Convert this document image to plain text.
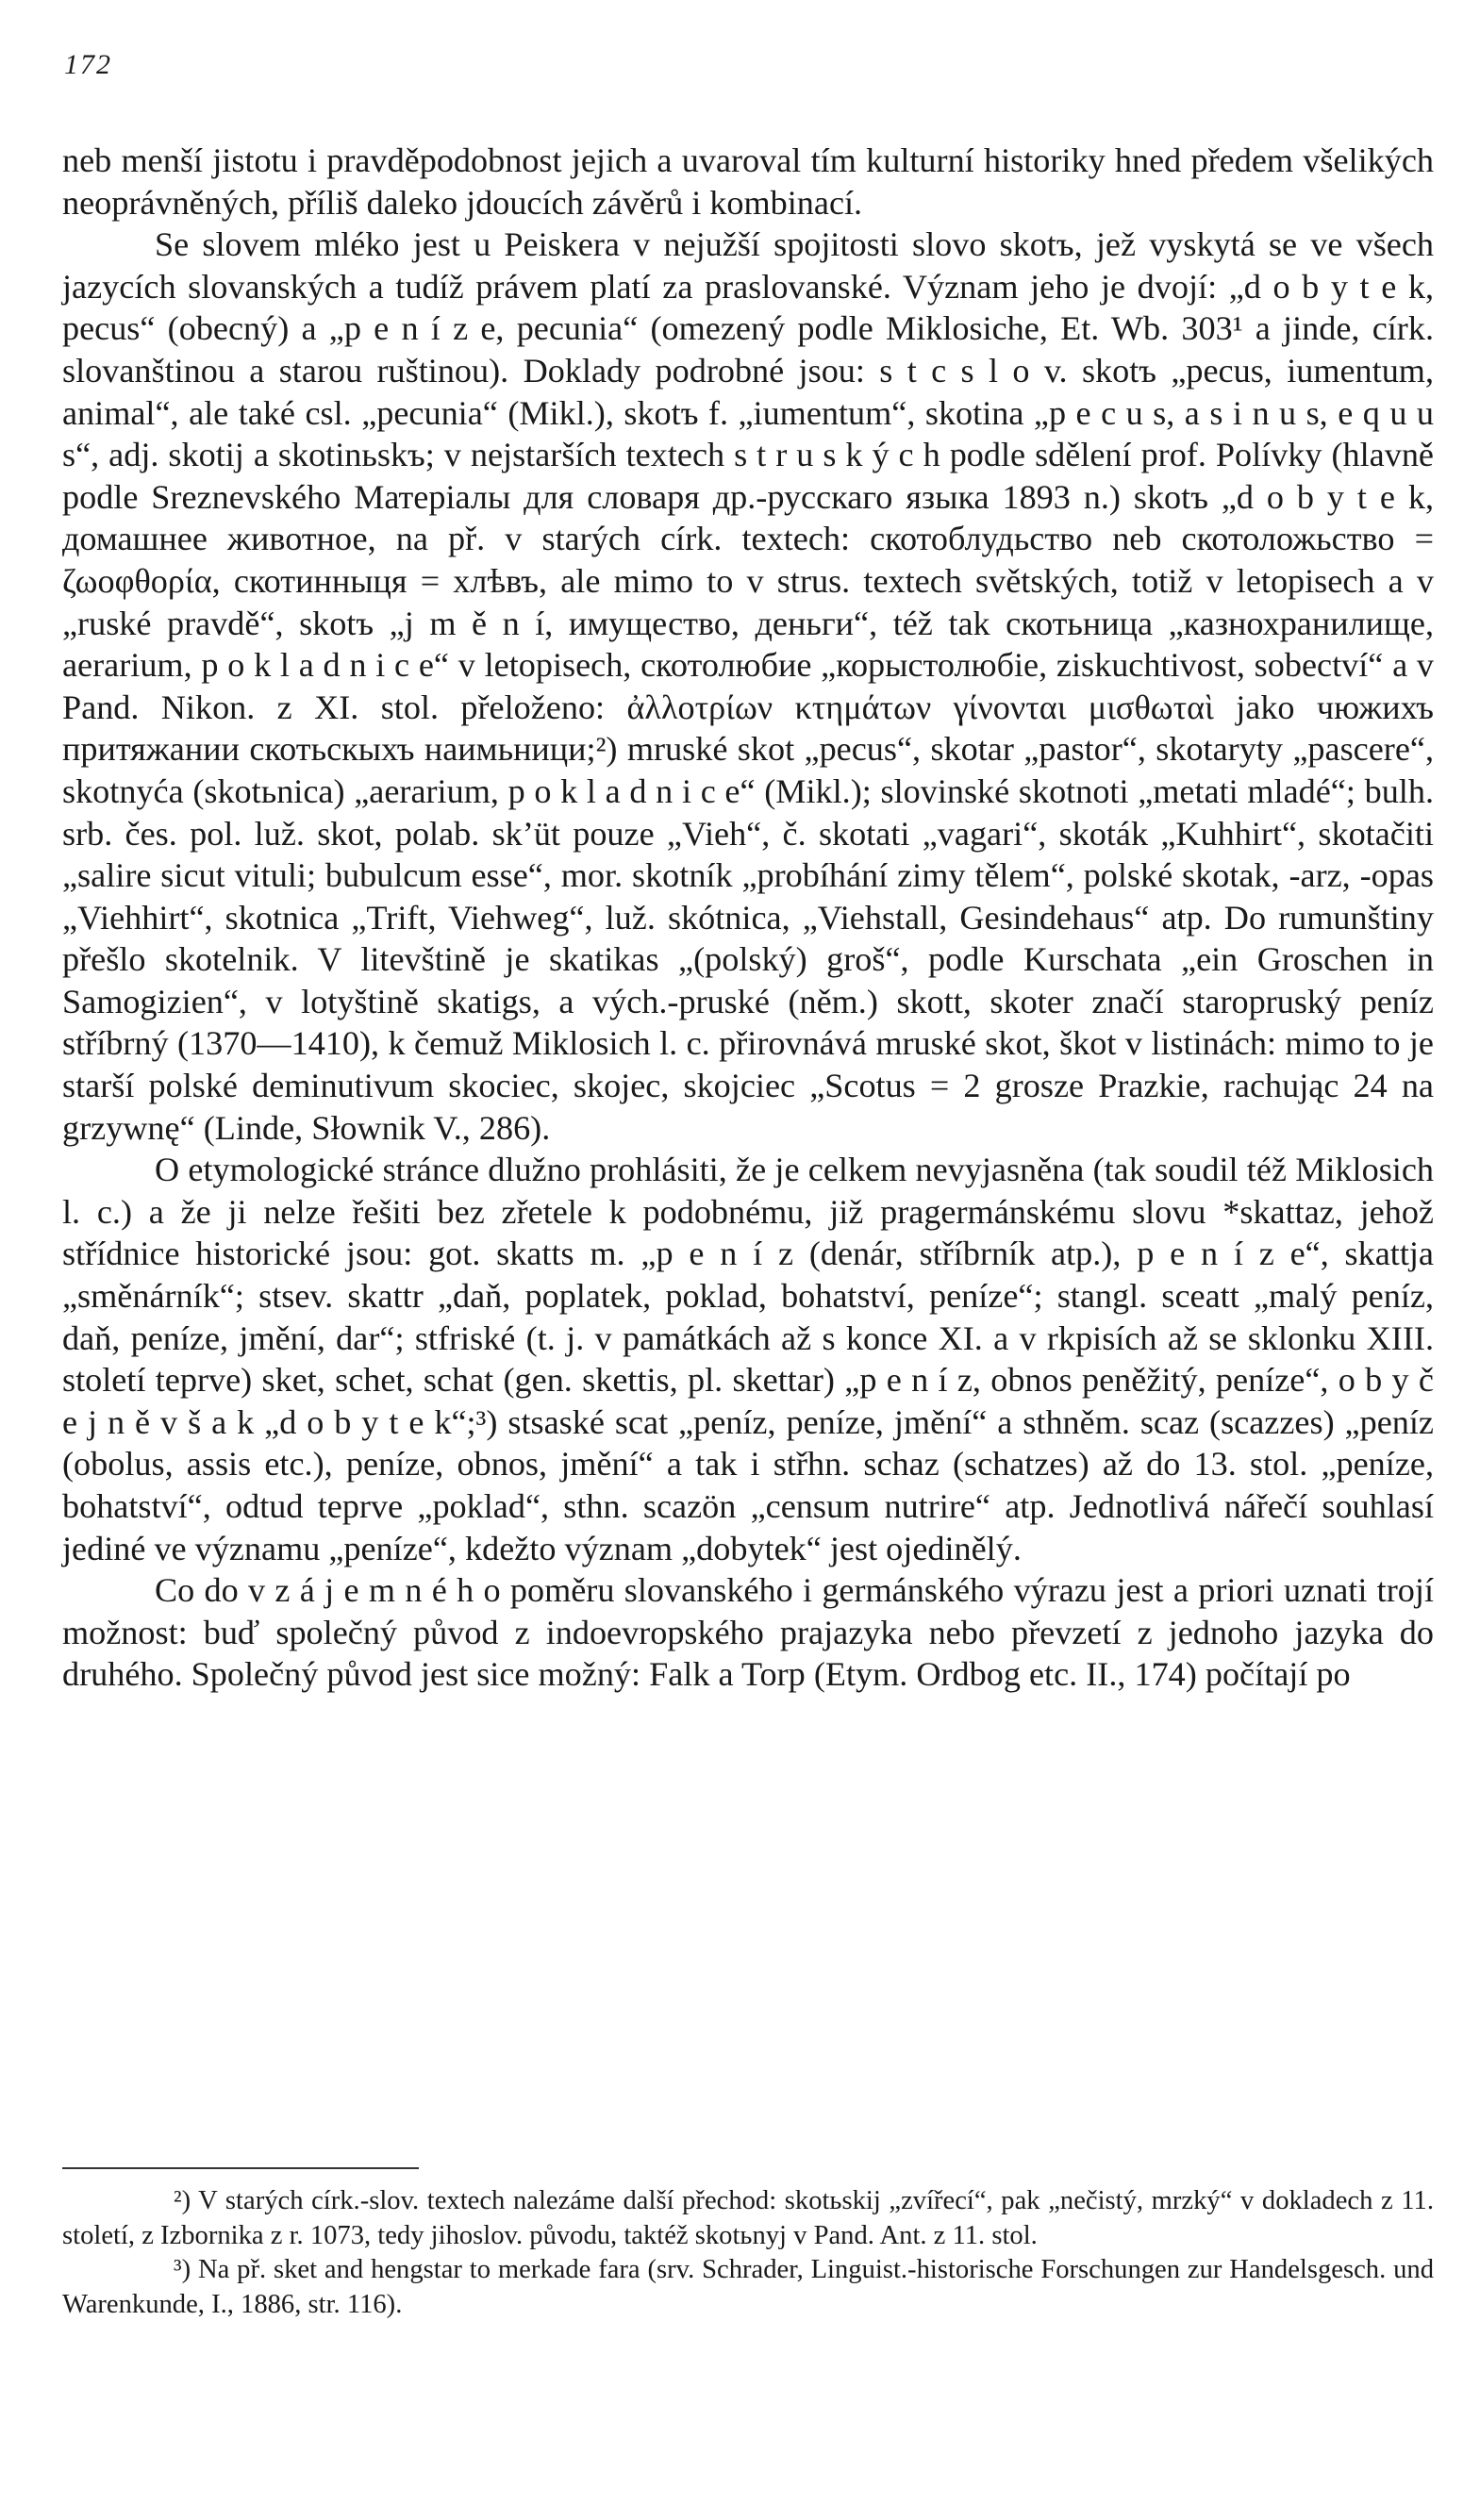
172

neb menší jistotu i pravděpodobnost jejich a uvaroval tím kulturní historiky hned předem všelikých neoprávněných, příliš daleko jdoucích závěrů i kombinací.

Se slovem mléko jest u Peiskera v nejužší spojitosti slovo skotъ, jež vyskytá se ve všech jazycích slovanských a tudíž právem platí za praslovanské. Význam jeho je dvojí: „d o b y t e k, pecus“ (obecný) a „p e n í z e, pecunia“ (omezený podle Miklosiche, Et. Wb. 303¹ a jinde, círk. slovanštinou a starou ruštinou). Doklady podrobné jsou: s t c s l o v. skotъ „pecus, iumentum, animal“, ale také csl. „pecunia“ (Mikl.), skotъ f. „iumentum“, skotina „p e c u s, a s i n u s, e q u u s“, adj. skotij a skotinьskъ; v nejstarších textech s t r u s k ý c h podle sdělení prof. Polívky (hlavně podle Sreznevského Матеріалы для словаря др.-русскаго языка 1893 n.) skotъ „d o b y t e k, домашнее животное, na př. v starých círk. textech: скотоблудьство neb скотоложьство = ζωοφθορία, скотинныця = хлѣвъ, ale mimo to v strus. textech světských, totiž v letopisech a v „ruské pravdě“, skotъ „j m ě n í, имущество, деньги“, též tak скотьница „казнохранилище, aerarium, p o k l a d n i c e“ v letopisech, скотолюбие „корыстолюбіе, ziskuchtivost, sobectví“ a v Pand. Nikon. z XI. stol. přeloženo: ἀλλοτρίων κτημάτων γίνονται μισθωταὶ jako чюжихъ притяжании скотьскыхъ наимьници;²) mruské skot „pecus“, skotar „pastor“, skotaryty „pascere“, skotnyća (skotьnica) „aerarium, p o k l a d n i c e“ (Mikl.); slovinské skotnoti „metati mladé“; bulh. srb. čes. pol. luž. skot, polab. sk’üt pouze „Vieh“, č. skotati „vagari“, skoták „Kuhhirt“, skotačiti „salire sicut vituli; bubulcum esse“, mor. skotník „probíhání zimy tělem“, polské skotak, -arz, -opas „Viehhirt“, skotnica „Trift, Viehweg“, luž. skótnica, „Viehstall, Gesindehaus“ atp. Do rumunštiny přešlo skotelnik. V litevštině je skatikas „(polský) groš“, podle Kurschata „ein Groschen in Samogizien“, v lotyštině skatigs, a vých.-pruské (něm.) skott, skoter značí staropruský peníz stříbrný (1370—1410), k čemuž Miklosich l. c. přirovnává mruské skot, škot v listinách: mimo to je starší polské deminutivum skociec, skojec, skojciec „Scotus = 2 grosze Prazkie, rachując 24 na grzywnę“ (Linde, Słownik V., 286).

O etymologické stránce dlužno prohlásiti, že je celkem nevyjasněna (tak soudil též Miklosich l. c.) a že ji nelze řešiti bez zřetele k podobnému, již pragermánskému slovu *skattaz, jehož střídnice historické jsou: got. skatts m. „p e n í z (denár, stříbrník atp.), p e n í z e“, skattja „směnárník“; stsev. skattr „daň, poplatek, poklad, bohatství, peníze“; stangl. sceatt „malý peníz, daň, peníze, jmění, dar“; stfriské (t. j. v památkách až s konce XI. a v rkpisích až se sklonku XIII. století teprve) sket, schet, schat (gen. skettis, pl. skettar) „p e n í z, obnos peněžitý, peníze“, o b y č e j n ě v š a k „d o b y t e k“;³) stsaské scat „peníz, peníze, jmění“ a sthněm. scaz (scazzes) „peníz (obolus, assis etc.), peníze, obnos, jmění“ a tak i střhn. schaz (schatzes) až do 13. stol. „peníze, bohatství“, odtud teprve „poklad“, sthn. scazön „censum nutrire“ atp. Jednotlivá nářečí souhlasí jediné ve významu „peníze“, kdežto význam „dobytek“ jest ojedinělý.

Co do v z á j e m n é h o poměru slovanského i germánského výrazu jest a priori uznati trojí možnost: buď společný původ z indoevropského prajazyka nebo převzetí z jednoho jazyka do druhého. Společný původ jest sice možný: Falk a Torp (Etym. Ordbog etc. II., 174) počítají po

²) V starých círk.-slov. textech nalezáme další přechod: skotьskij „zvířecí“, pak „nečistý, mrzký“ v dokladech z 11. století, z Izbornika z r. 1073, tedy jihoslov. původu, taktéž skotьnyj v Pand. Ant. z 11. stol.

³) Na př. sket and hengstar to merkade fara (srv. Schrader, Linguist.-historische Forschungen zur Handelsgesch. und Warenkunde, I., 1886, str. 116).
